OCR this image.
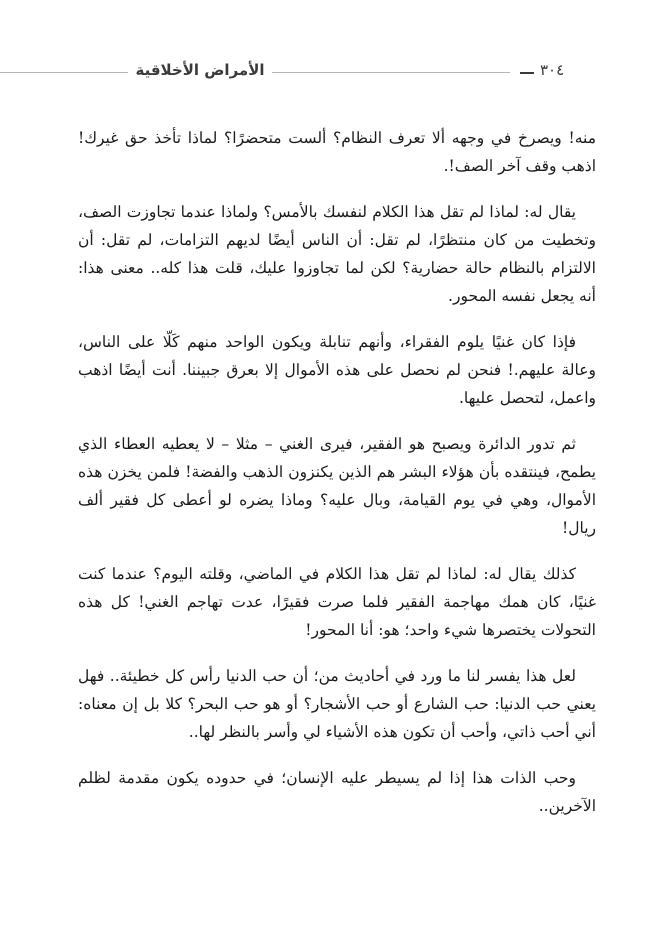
الأمراض الأخلاقية	٣٠٤

منه! ويصرخ في وجهه ألا تعرف النظام؟ ألست متحضرًا؟ لماذا تأخذ حق غيرك! اذهب وقف آخر الصف!.

يقال له: لماذا لم تقل هذا الكلام لنفسك بالأمس؟ ولماذا عندما تجاوزت الصف، وتخطيت من كان منتظرًا، لم تقل: أن الناس أيضًا لديهم التزامات، لم تقل: أن الالتزام بالنظام حالة حضارية؟ لكن لما تجاوزوا عليك، قلت هذا كله.. معنى هذا: أنه يجعل نفسه المحور.

فإذا كان غنيًا يلوم الفقراء، وأنهم تنابلة ويكون الواحد منهم كَلّا على الناس، وعالة عليهم.! فنحن لم نحصل على هذه الأموال إلا بعرق جبيننا. أنت أيضًا اذهب واعمل، لتحصل عليها.

ثم تدور الدائرة ويصبح هو الفقير، فيرى الغني – مثلا – لا يعطيه العطاء الذي يطمح، فينتقده بأن هؤلاء البشر هم الذين يكنزون الذهب والفضة! فلمن يخزن هذه الأموال، وهي في يوم القيامة، وبال عليه؟ وماذا يضره لو أعطى كل فقير ألف ريال!

كذلك يقال له: لماذا لم تقل هذا الكلام في الماضي، وقلته اليوم؟ عندما كنت غنيًا، كان همك مهاجمة الفقير فلما صرت فقيرًا، عدت تهاجم الغني! كل هذه التحولات يختصرها شيء واحد؛ هو: أنا المحور!

لعل هذا يفسر لنا ما ورد في أحاديث من؛ أن حب الدنيا رأس كل خطيئة.. فهل يعني حب الدنيا: حب الشارع أو حب الأشجار؟ أو هو حب البحر؟ كلا بل إن معناه: أني أحب ذاتي، وأحب أن تكون هذه الأشياء لي وأسر بالنظر لها..

وحب الذات هذا إذا لم يسيطر عليه الإنسان؛ في حدوده يكون مقدمة لظلم الآخرين..
